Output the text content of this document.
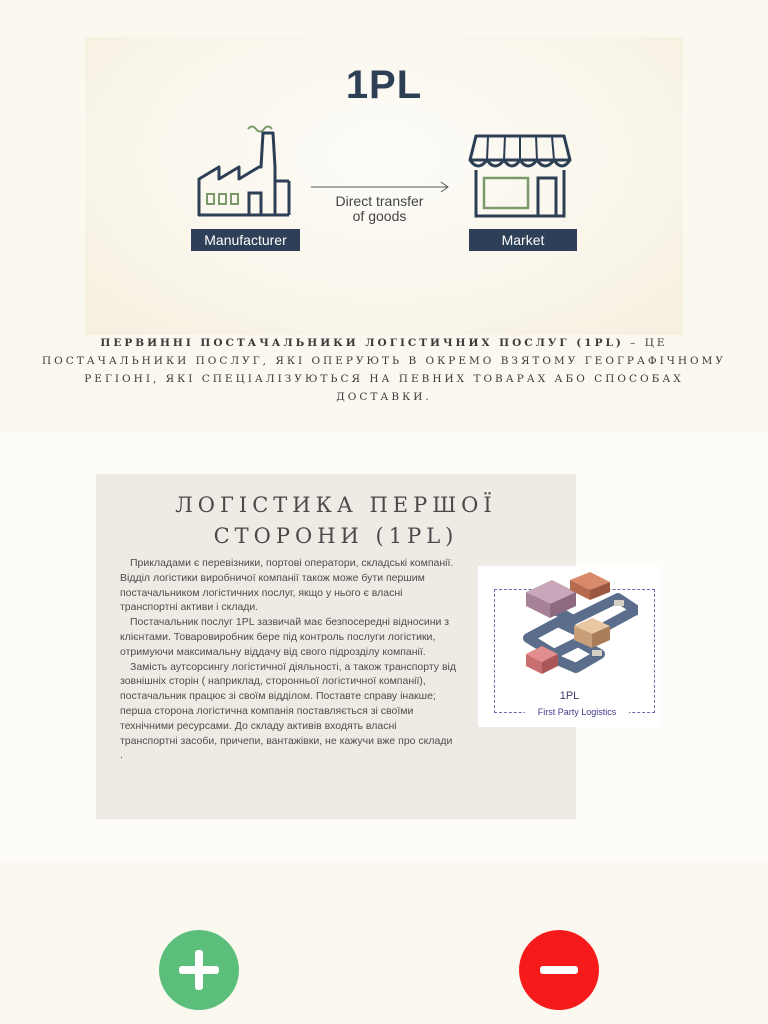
1PL
Direct transfer
of goods
Manufacturer	Market
ПЕРВИННІ ПОСТАЧАЛЬНИКИ ЛОГІСТИЧНИХ ПОСЛУГ (1PL) – ЦЕ ПОСТАЧАЛЬНИКИ ПОСЛУГ, ЯКІ ОПЕРУЮТЬ В ОКРЕМО ВЗЯТОМУ ГЕОГРАФІЧНОМУ РЕГІОНІ, ЯКІ СПЕЦІАЛІЗУЮТЬСЯ НА ПЕВНИХ ТОВАРАХ АБО СПОСОБАХ ДОСТАВКИ.
ЛОГІСТИКА ПЕРШОЇ
СТОРОНИ (1PL)

Прикладами є перевізники, портові оператори, складські компанії. Відділ логістики виробничої компанії також може бути першим постачальником логістичних послуг, якщо у нього є власні транспортні активи і склади.

Постачальник послуг 1PL зазвичай має безпосередні відносини з клієнтами. Товаровиробник бере під контроль послуги логістики, отримуючи максимальну віддачу від свого підрозділу компанії.

Замість аутсорсингу логістичної діяльності, а також транспорту від зовнішніх сторін ( наприклад, сторонньої логістичної компанії), постачальник працює зі своїм відділом. Поставте справу інакше; перша сторона логістична компанія поставляється зі своїми технічними ресурсами. До складу активів входять власні транспортні засоби, причепи, вантажівки, не кажучи вже про склади .

1PL
First Party Logistics
